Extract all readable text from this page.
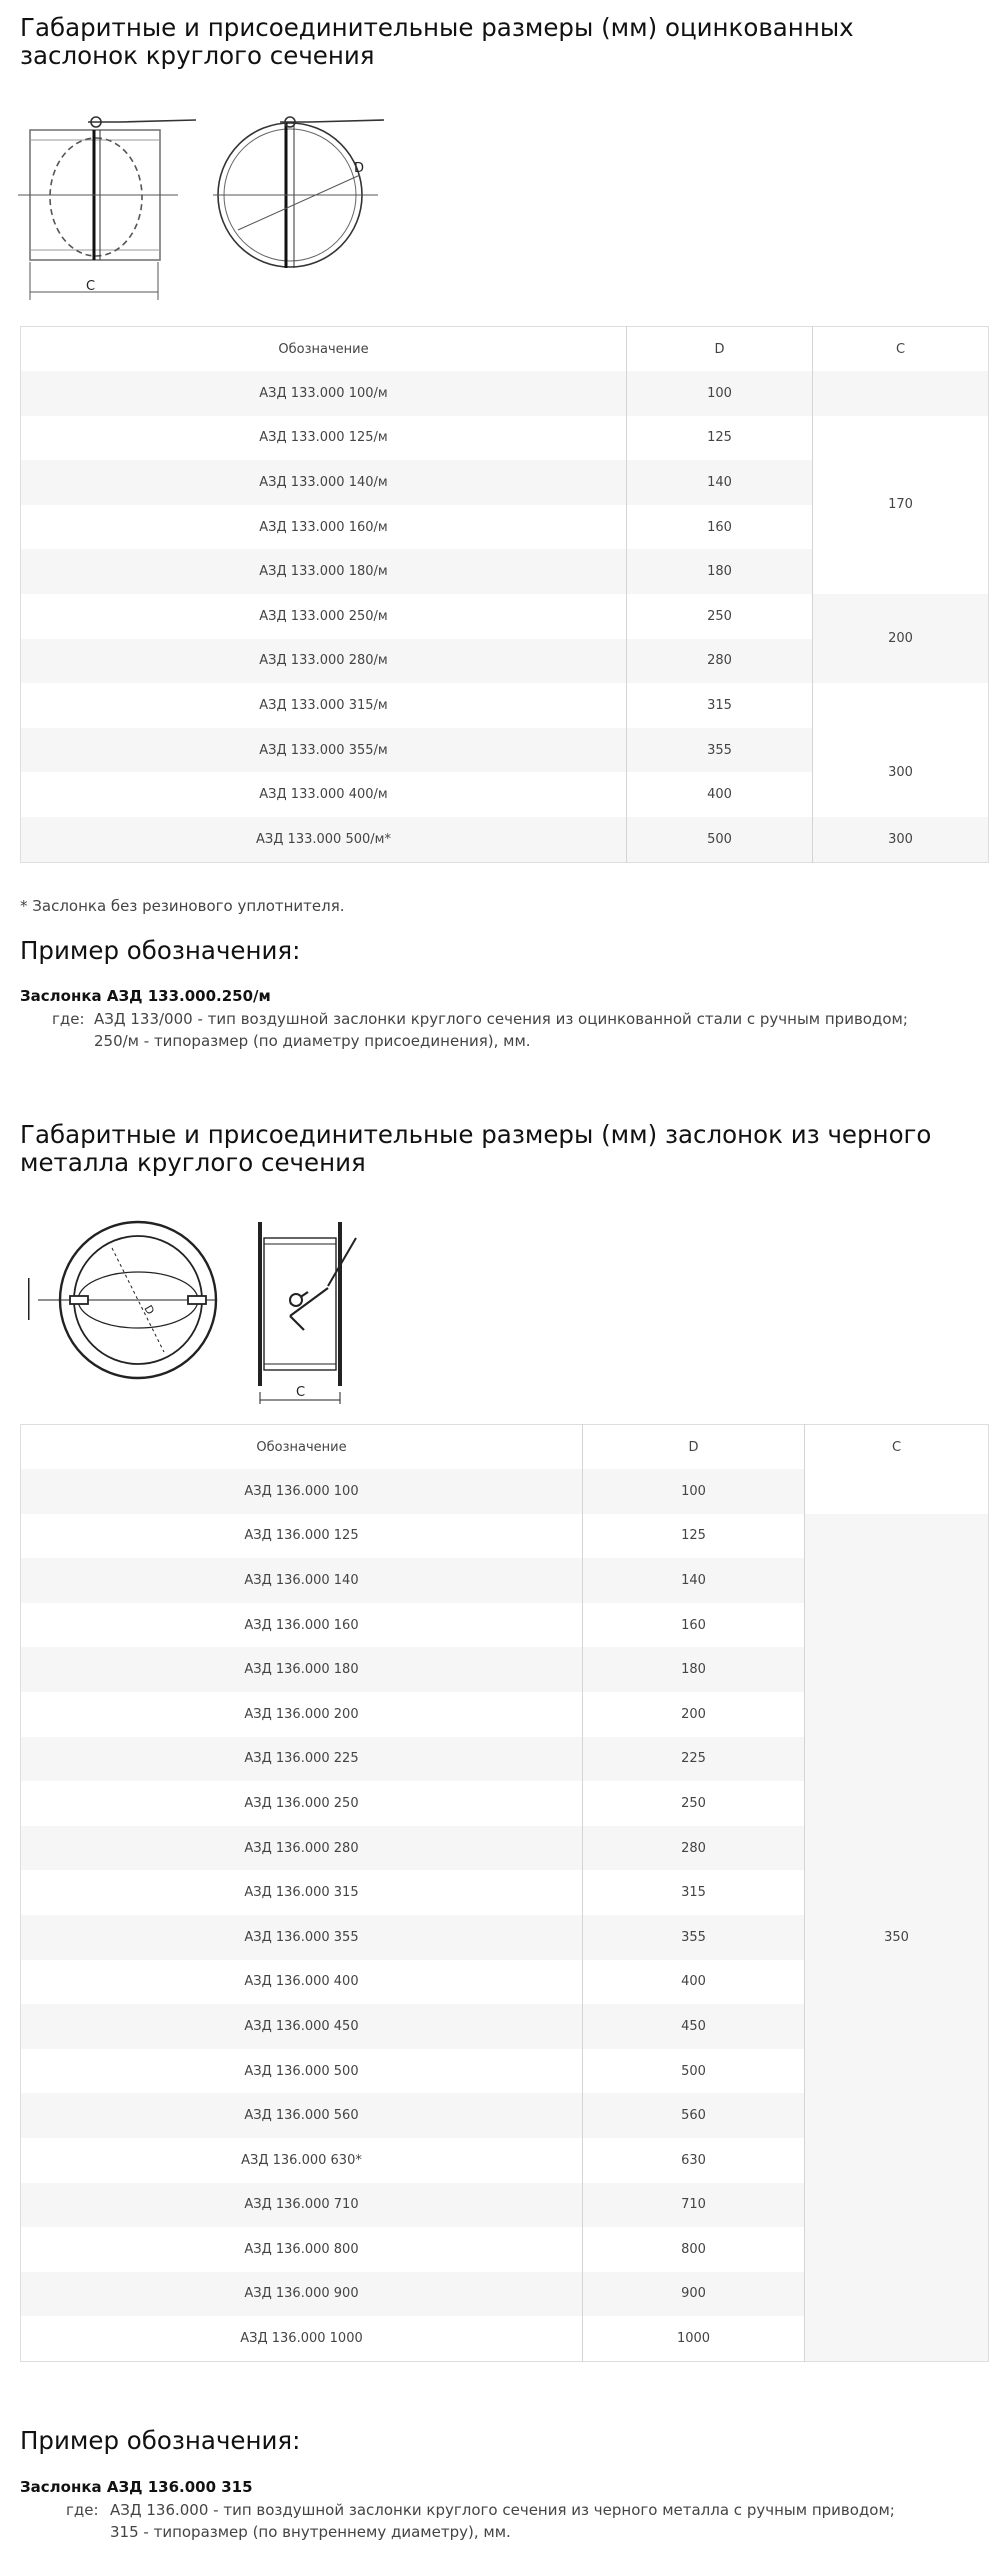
Габаритные и присоединительные размеры (мм) оцинкованных
заслонок круглого сечения
C
D
Обозначение	D	C
АЗД 133.000 100/м	100	
АЗД 133.000 125/м	125	170
АЗД 133.000 140/м	140	
АЗД 133.000 160/м	160	
АЗД 133.000 180/м	180	
АЗД 133.000 250/м	250	200
АЗД 133.000 280/м	280	
АЗД 133.000 315/м	315	
АЗД 133.000 355/м	355	300
АЗД 133.000 400/м	400	
АЗД 133.000 500/м*	500	300
* Заслонка без резинового уплотнителя.
Пример обозначения:
Заслонка АЗД 133.000.250/м
где: АЗД 133/000 - тип воздушной заслонки круглого сечения из оцинкованной стали с ручным приводом;
250/м - типоразмер (по диаметру присоединения), мм.
Габаритные и присоединительные размеры (мм) заслонок из черного
металла круглого сечения
C
D
Обозначение	D	C
АЗД 136.000 100	100	
АЗД 136.000 125	125	350
АЗД 136.000 140	140	
АЗД 136.000 160	160	
АЗД 136.000 180	180	
АЗД 136.000 200	200	
АЗД 136.000 225	225	
АЗД 136.000 250	250	
АЗД 136.000 280	280	
АЗД 136.000 315	315	
АЗД 136.000 355	355	
АЗД 136.000 400	400	
АЗД 136.000 450	450	
АЗД 136.000 500	500	
АЗД 136.000 560	560	
АЗД 136.000 630*	630	
АЗД 136.000 710	710	
АЗД 136.000 800	800	
АЗД 136.000 900	900	
АЗД 136.000 1000	1000	
Пример обозначения:
Заслонка АЗД 136.000 315
где: АЗД 136.000 - тип воздушной заслонки круглого сечения из черного металла с ручным приводом;
315 - типоразмер (по внутреннему диаметру), мм.
